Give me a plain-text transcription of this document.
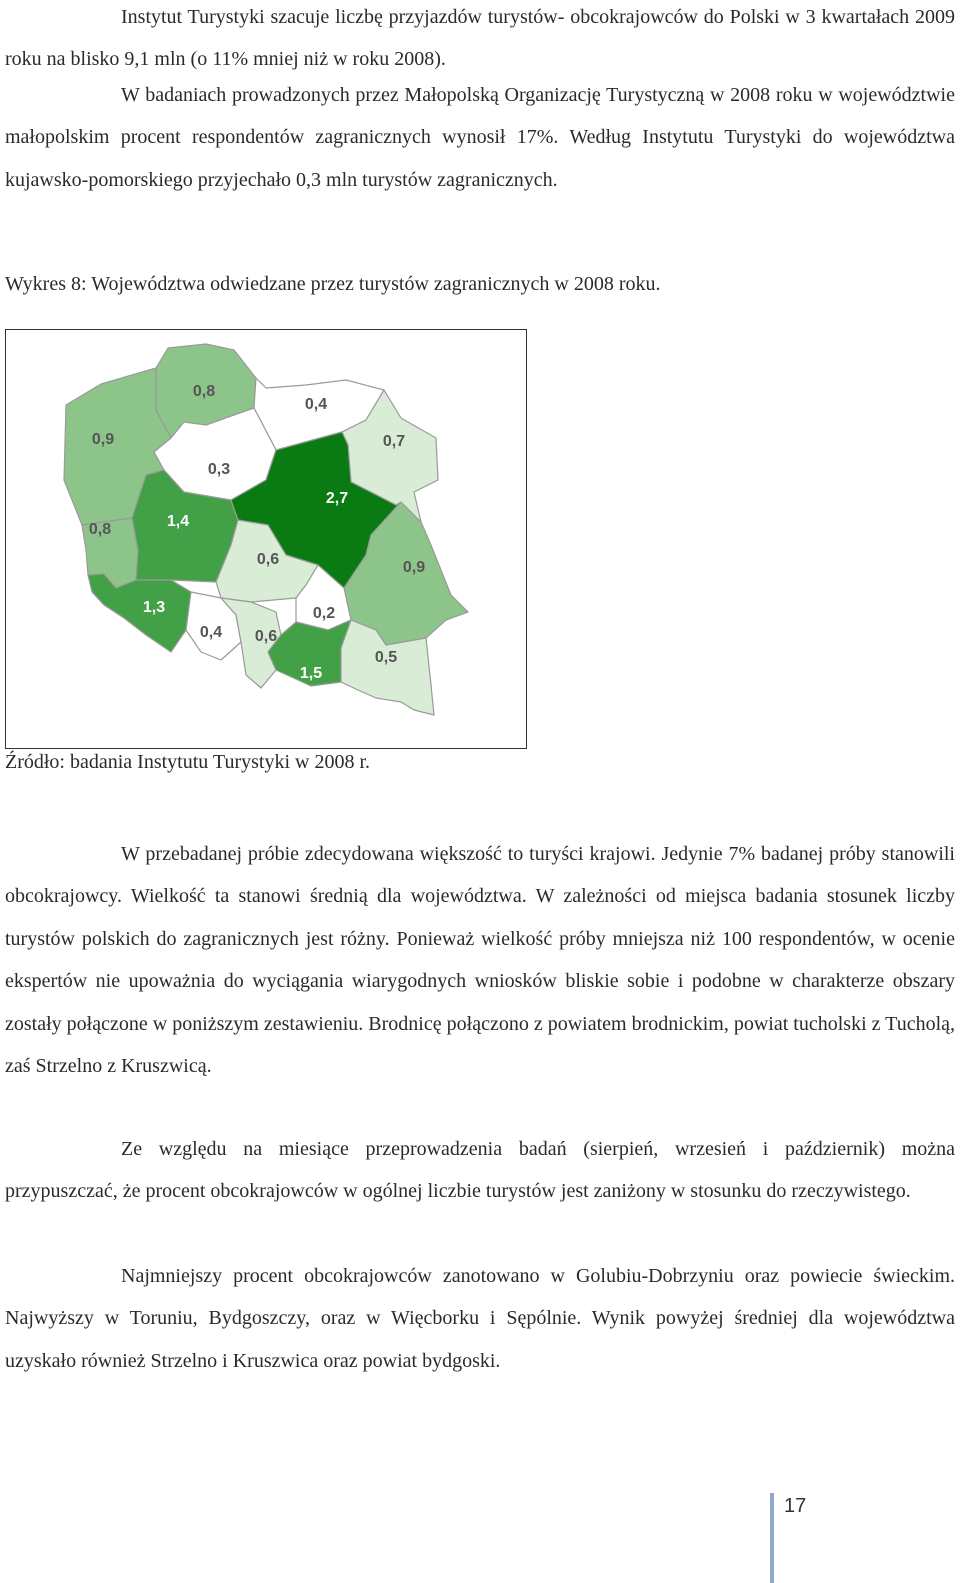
Instytut Turystyki szacuje liczbę przyjazdów turystów- obcokrajowców do Polski w 3 kwartałach 2009 roku na blisko 9,1 mln (o 11% mniej niż w roku 2008).

W badaniach prowadzonych przez Małopolską Organizację Turystyczną w 2008 roku w województwie małopolskim procent respondentów zagranicznych wynosił 17%. Według Instytutu Turystyki do województwa kujawsko-pomorskiego przyjechało 0,3 mln turystów zagranicznych.

Wykres 8: Województwa odwiedzane przez turystów zagranicznych w 2008 roku.

0,9
0,8
0,4
0,7
0,8	1,4
0,3
2,7
0,6	0,9
1,3
0,4 0,6
0,2
1,5
0,5

Źródło: badania Instytutu Turystyki w 2008 r.

W przebadanej próbie zdecydowana większość to turyści krajowi. Jedynie 7% badanej próby stanowili obcokrajowcy. Wielkość ta stanowi średnią dla województwa. W zależności od miejsca badania stosunek liczby turystów polskich do zagranicznych jest różny. Ponieważ wielkość próby mniejsza niż 100 respondentów, w ocenie ekspertów nie upoważnia do wyciągania wiarygodnych wniosków bliskie sobie i podobne w charakterze obszary zostały połączone w poniższym zestawieniu. Brodnicę połączono z powiatem brodnickim, powiat tucholski z Tucholą, zaś Strzelno z Kruszwicą.

Ze względu na miesiące przeprowadzenia badań (sierpień, wrzesień i październik) można przypuszczać, że procent obcokrajowców w ogólnej liczbie turystów jest zaniżony w stosunku do rzeczywistego.

Najmniejszy procent obcokrajowców zanotowano w Golubiu-Dobrzyniu oraz powiecie świeckim. Najwyższy w Toruniu, Bydgoszczy, oraz w Więcborku i Sępólnie. Wynik powyżej średniej dla województwa uzyskało również Strzelno i Kruszwica oraz powiat bydgoski.

17
